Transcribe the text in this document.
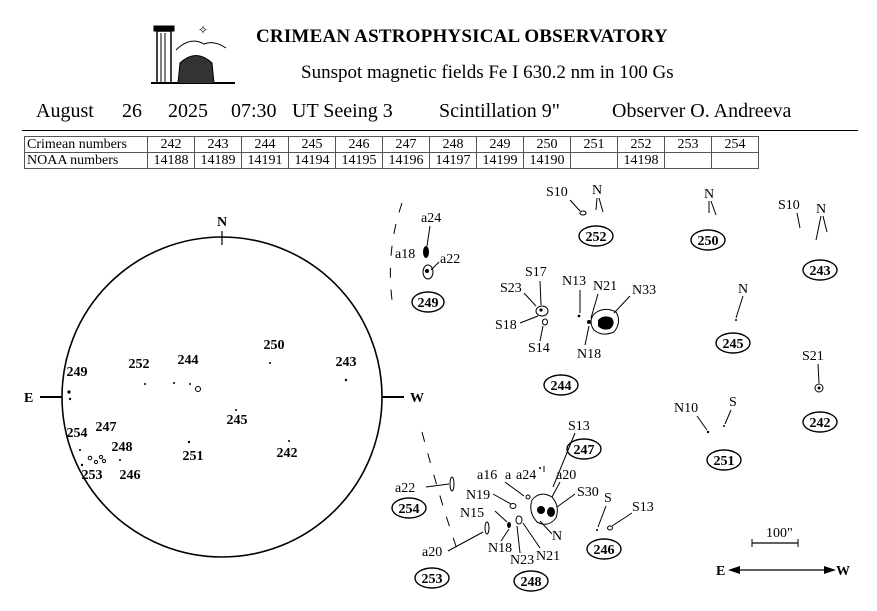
CRIMEAN ASTROPHYSICAL OBSERVATORY
Sunspot magnetic fields Fe I 630.2 nm in 100 Gs
August 26 2025 07:30 UT Seeing 3 Scintillation 9"	Observer O. Andreeva
Crimean numbers	242	243	244	245	246	247	248	249	250	251	252	253	254
NOAA numbers	14188	14189	14191	14194	14195	14196	14197	14199	14190		14198		
✧
N
E	W
249
252 244
250
243
254 247
248
245
251	242
253 246
a24
a18 a22
249
S10 N
252
N
250
S10 N
243
S17
S23	N13 N21 N33
S18
S14 N18
244
N
245
S21
242
N10 S
251
S13
247
a16 a a24 a20
S30
N19
N15
N
N18
N23 N21
248
a22
254
a20
253
S
S13
246
100"
E	W
